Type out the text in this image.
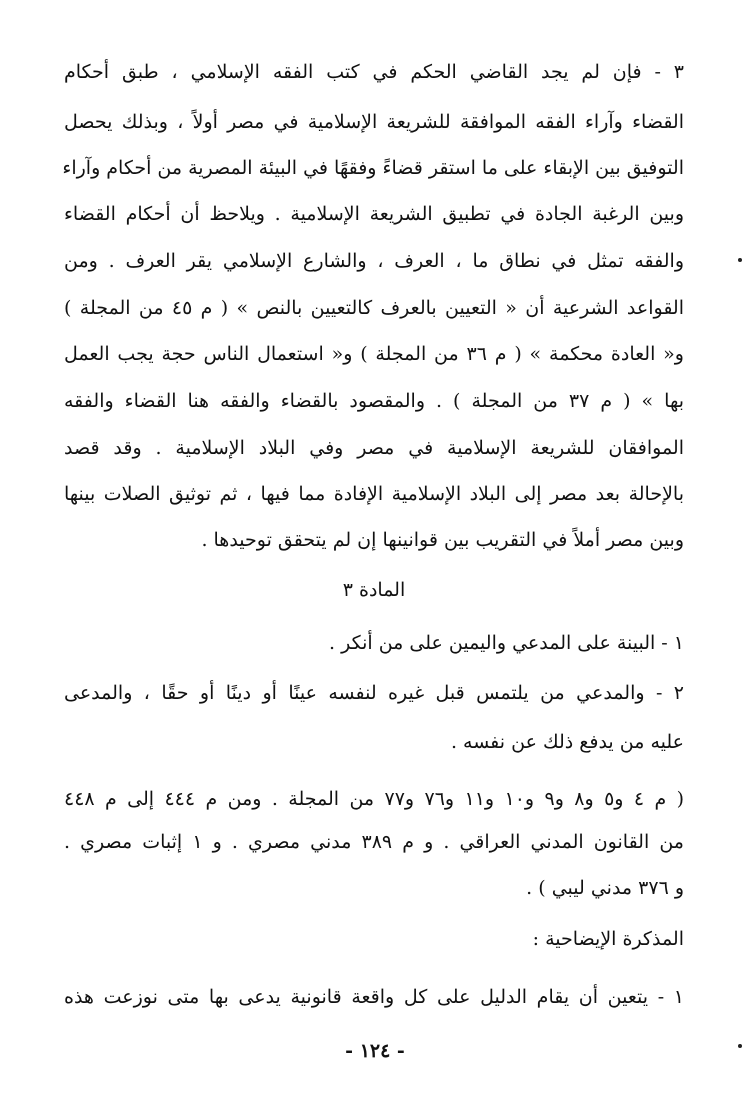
٣ - فإن لم يجد القاضي الحكم في كتب الفقه الإسلامي ، طبق أحكام
القضاء وآراء الفقه الموافقة للشريعة الإسلامية في مصر أولاً ، وبذلك يحصل
التوفيق بين الإبقاء على ما استقر قضاءً وفقهًا في البيئة المصرية من أحكام وآراء
وبين الرغبة الجادة في تطبيق الشريعة الإسلامية . ويلاحظ أن أحكام القضاء
والفقه تمثل في نطاق ما ، العرف ، والشارع الإسلامي يقر العرف . ومن
القواعد الشرعية أن « التعيين بالعرف كالتعيين بالنص » ( م ٤٥ من المجلة )
و« العادة محكمة » ( م ٣٦ من المجلة ) و« استعمال الناس حجة يجب العمل
بها » ( م ٣٧ من المجلة ) . والمقصود بالقضاء والفقه هنا القضاء والفقه
الموافقان للشريعة الإسلامية في مصر وفي البلاد الإسلامية . وقد قصد
بالإحالة بعد مصر إلى البلاد الإسلامية الإفادة مما فيها ، ثم توثيق الصلات بينها
وبين مصر أملاً في التقريب بين قوانينها إن لم يتحقق توحيدها .
المادة ٣
١ - البينة على المدعي واليمين على من أنكر .
٢ - والمدعي من يلتمس قبل غيره لنفسه عينًا أو دينًا أو حقًا ، والمدعى
عليه من يدفع ذلك عن نفسه .
( م ٤ و٥ و٨ و٩ و١٠ و١١ و٧٦ و٧٧ من المجلة . ومن م ٤٤٤ إلى م ٤٤٨
من القانون المدني العراقي . و م ٣٨٩ مدني مصري . و ١ إثبات مصري .
و ٣٧٦ مدني ليبي ) .
المذكرة الإيضاحية :
١ - يتعين أن يقام الدليل على كل واقعة قانونية يدعى بها متى نوزعت هذه
- ١٢٤ -
